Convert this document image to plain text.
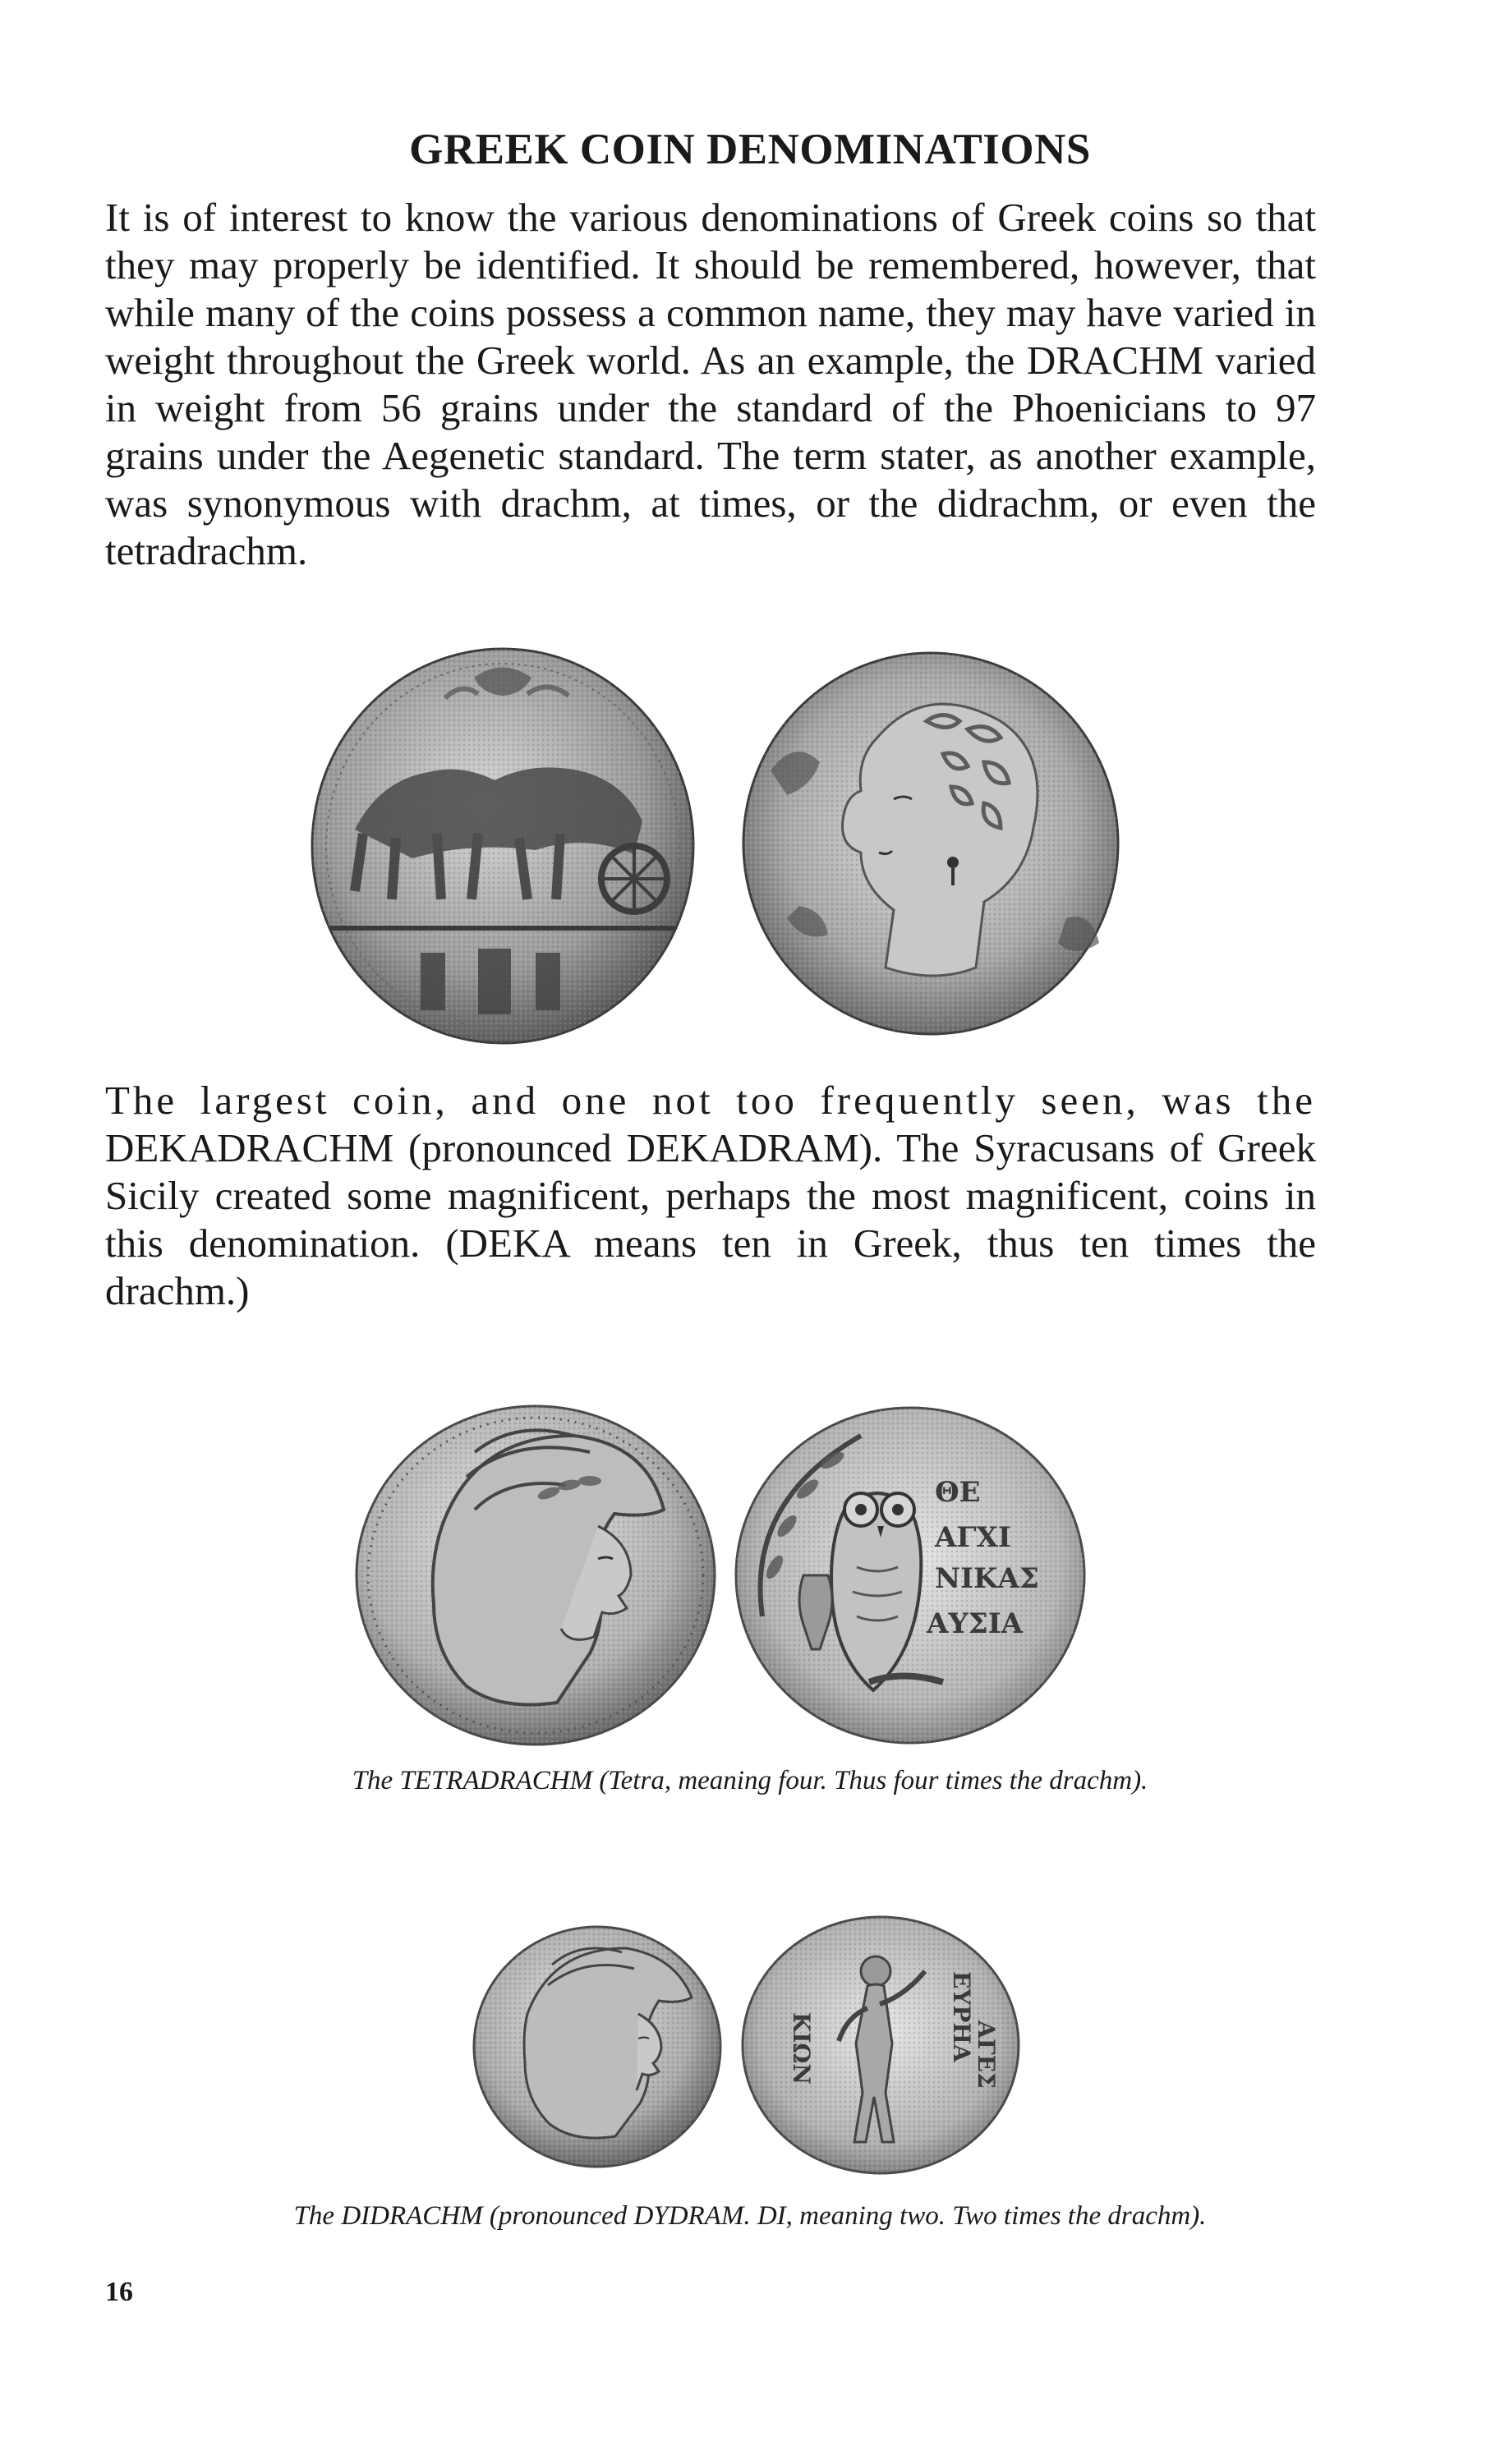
GREEK COIN DENOMINATIONS

It is of interest to know the various denominations of Greek coins so that they may properly be identified. It should be remembered, however, that while many of the coins possess a common name, they may have varied in weight throughout the Greek world. As an example, the DRACHM varied in weight from 56 grains under the standard of the Phoenicians to 97 grains under the Aegenetic standard. The term stater, as another example, was synonymous with drachm, at times, or the didrachm, or even the tetradrachm.

The largest coin, and one not too frequently seen, was the DEKADRACHM (pronounced DEKADRAM). The Syracusans of Greek Sicily created some magnificent, perhaps the most magnificent, coins in this denomination. (DEKA means ten in Greek, thus ten times the drachm.)

ΘΕ
ΑΓΧΙ
ΝΙΚΑΣ
ΑΥΣΙΑ

The TETRADRACHM (Tetra, meaning four. Thus four times the drachm).

ΚΙΩΝ	ΕΥΡΗΑ
ΑΓΕΣ

The DIDRACHM (pronounced DYDRAM. DI, meaning two. Two times the drachm).

16
